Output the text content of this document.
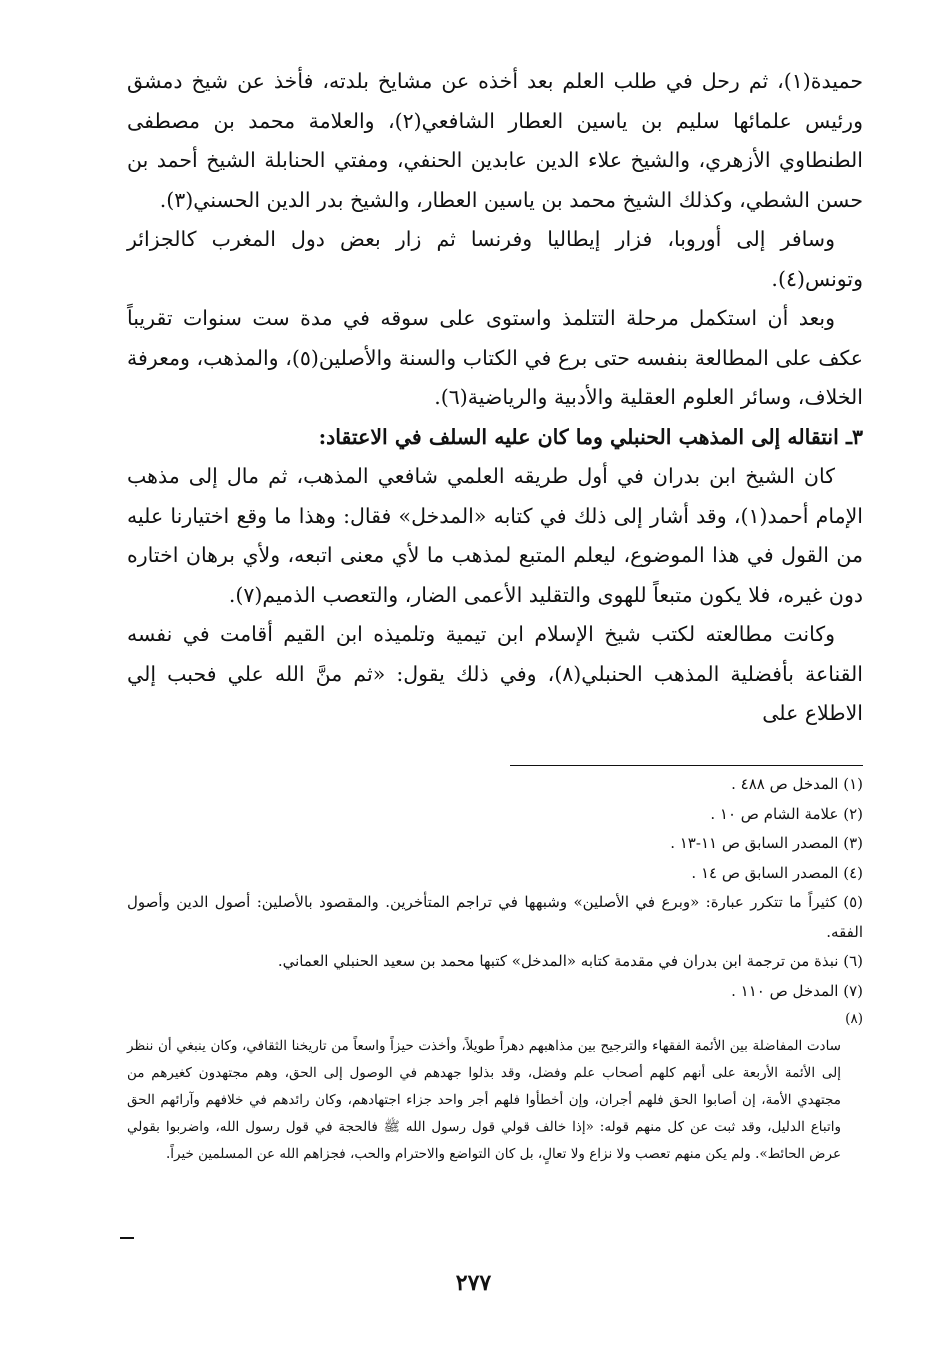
حميدة(١)، ثم رحل في طلب العلم بعد أخذه عن مشايخ بلدته، فأخذ عن شيخ دمشق ورئيس علمائها سليم بن ياسين العطار الشافعي(٢)، والعلامة محمد بن مصطفى الطنطاوي الأزهري، والشيخ علاء الدين عابدين الحنفي، ومفتي الحنابلة الشيخ أحمد بن حسن الشطي، وكذلك الشيخ محمد بن ياسين العطار، والشيخ بدر الدين الحسني(٣).

وسافر إلى أوروبا، فزار إيطاليا وفرنسا ثم زار بعض دول المغرب كالجزائر وتونس(٤).

وبعد أن استكمل مرحلة التتلمذ واستوى على سوقه في مدة ست سنوات تقريباً عكف على المطالعة بنفسه حتى برع في الكتاب والسنة والأصلين(٥)، والمذهب، ومعرفة الخلاف، وسائر العلوم العقلية والأدبية والرياضية(٦).

٣ـ انتقاله إلى المذهب الحنبلي وما كان عليه السلف في الاعتقاد:

كان الشيخ ابن بدران في أول طريقه العلمي شافعي المذهب، ثم مال إلى مذهب الإمام أحمد(١)، وقد أشار إلى ذلك في كتابه «المدخل» فقال: وهذا ما وقع اختيارنا عليه من القول في هذا الموضوع، ليعلم المتبع لمذهب ما لأي معنى اتبعه، ولأي برهان اختاره دون غيره، فلا يكون متبعاً للهوى والتقليد الأعمى الضار، والتعصب الذميم(٧).

وكانت مطالعته لكتب شيخ الإسلام ابن تيمية وتلميذه ابن القيم أقامت في نفسه القناعة بأفضلية المذهب الحنبلي(٨)، وفي ذلك يقول: «ثم منَّ الله علي فحبب إلي الاطلاع على

(١) المدخل ص ٤٨٨ .
(٢) علامة الشام ص ١٠ .
(٣) المصدر السابق ص ١١-١٣ .
(٤) المصدر السابق ص ١٤ .
(٥) كثيراً ما تتكرر عبارة: «وبرع في الأصلين» وشبهها في تراجم المتأخرين. والمقصود بالأصلين: أصول الدين وأصول الفقه.
(٦) نبذة من ترجمة ابن بدران في مقدمة كتابه «المدخل» كتبها محمد بن سعيد الحنبلي العماني.
(٧) المدخل ص ١١٠ .
(٨)
سادت المفاضلة بين الأئمة الفقهاء والترجيح بين مذاهبهم دهراً طويلاً، وأخذت حيزاً واسعاً من تاريخنا الثقافي، وكان ينبغي أن ننظر إلى الأئمة الأربعة على أنهم كلهم أصحاب علم وفضل، وقد بذلوا جهدهم في الوصول إلى الحق، وهم مجتهدون كغيرهم من مجتهدي الأمة، إن أصابوا الحق فلهم أجران، وإن أخطأوا فلهم أجر واحد جزاء اجتهادهم، وكان رائدهم في خلافهم وآرائهم الحق واتباع الدليل، وقد ثبت عن كل منهم قوله: «إذا خالف قولي قول رسول الله ﷺ فالحجة في قول رسول الله، واضربوا بقولي عرض الحائط». ولم يكن منهم تعصب ولا نزاع ولا تعالٍ، بل كان التواضع والاحترام والحب، فجزاهم الله عن المسلمين خيراً.
٢٧٧
